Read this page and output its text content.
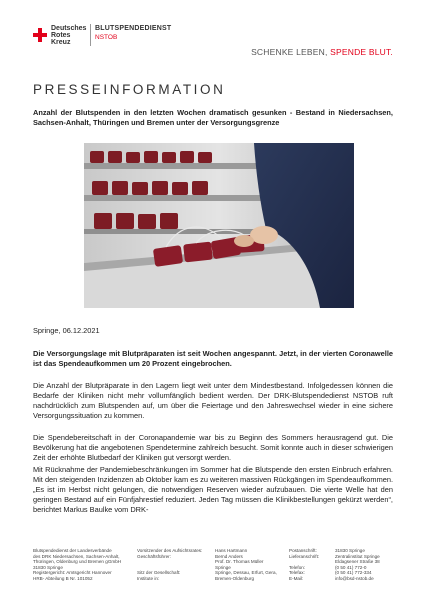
Deutsches
Rotes
Kreuz
BLUTSPENDEDIENST
NSTOB
SCHENKE LEBEN, SPENDE BLUT.
PRESSEINFORMATION
Anzahl der Blutspenden in den letzten Wochen dramatisch gesunken - Bestand in Niedersachsen, Sachsen-Anhalt, Thüringen und Bremen unter der Versorgungsgrenze
Springe, 06.12.2021

Die Versorgungslage mit Blutpräparaten ist seit Wochen angespannt. Jetzt, in der vierten Coronawelle ist das Spendeaufkommen um 20 Prozent eingebrochen.

Die Anzahl der Blutpräparate in den Lagern liegt weit unter dem Mindestbestand. Infolgedessen können die Bedarfe der Kliniken nicht mehr vollumfänglich bedient werden. Der DRK-Blutspendedienst NSTOB ruft nachdrücklich zum Blutspenden auf, um über die Feiertage und den Jahreswechsel wieder in eine sichere Versorgungssituation zu kommen.

Die Spendebereitschaft in der Coronapandemie war bis zu Beginn des Sommers herausragend gut. Die Bevölkerung hat die angebotenen Spendetermine zahlreich besucht. Somit konnte auch in dieser schwierigen Zeit der erhöhte Blutbedarf der Kliniken gut versorgt werden.

Mit Rücknahme der Pandemiebeschränkungen im Sommer hat die Blutspende den ersten Einbruch erfahren. Mit den steigenden Inzidenzen ab Oktober kam es zu weiteren massiven Rückgängen im Spendeaufkommen. „Es ist im Herbst nicht gelungen, die notwendigen Reserven wieder aufzubauen. Die vierte Welle hat den geringen Bestand auf ein Fünfjahrestief reduziert. Jeden Tag müssen die Klinikbestellungen gekürzt werden“, berichtet Markus Baulke vom DRK-

Blutspendedienst der Landesverbände
des DRK Niedersachsen, Sachsen-Anhalt,
Thüringen, Oldenburg und Bremen gGmbH
31830 Springe
Registergericht: Amtsgericht Hannover
HRB- Abteilung B Nr. 101052
Vorsitzender des Aufsichtsrates:
Geschäftsführer:

Sitz der Gesellschaft:
Institute in:
Hans Hartmann
Bernd Anders
Prof. Dr. Thomas Müller
Springe
Springe, Dessau, Erfurt, Gera,
Bremen-Oldenburg
Postanschrift:
Lieferanschrift:

Telefon:
Telefax:
E-Mail:
31830 Springe
Zentralinstitut Springe
Eldagsener Straße 38
(0 50 41) 772-0
(0 50 41) 772-334
info@bsd-nstob.de
